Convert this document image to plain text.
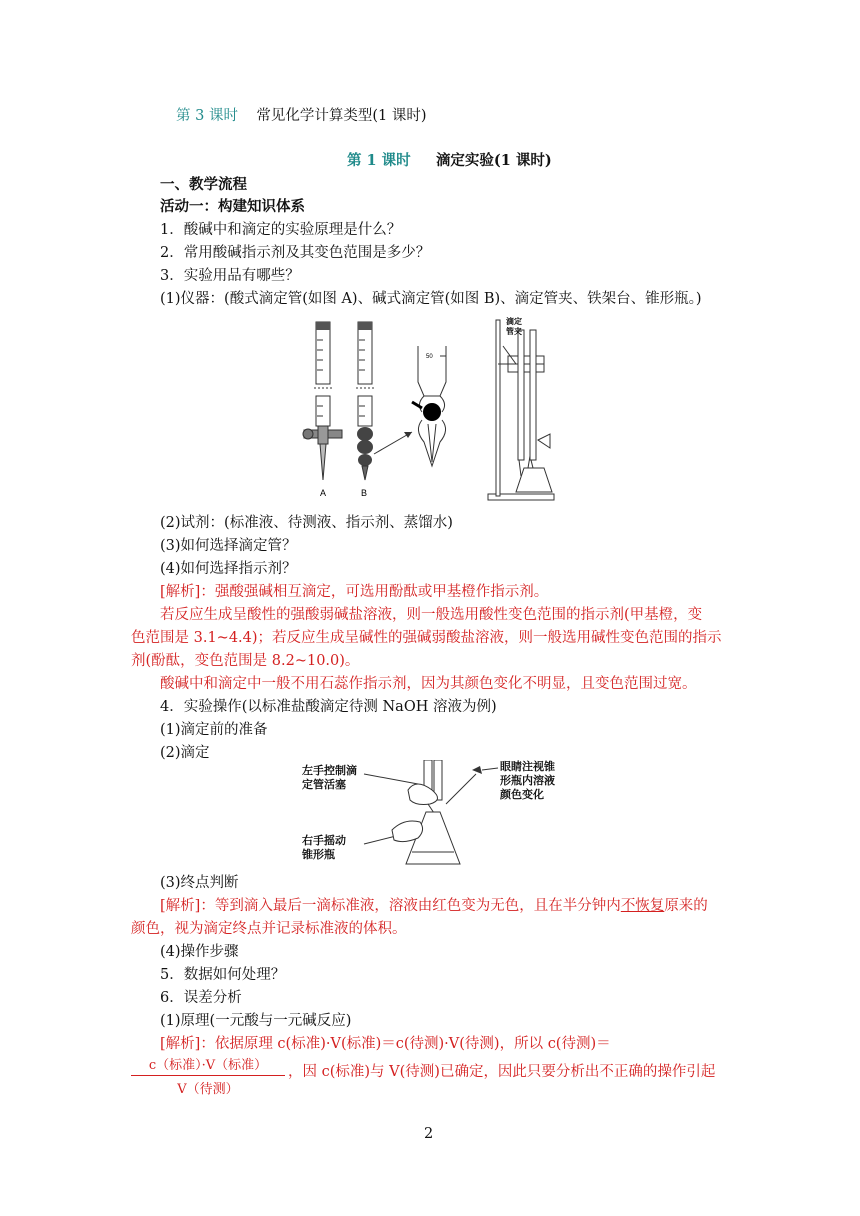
第 3 课时 常见化学计算类型(1 课时)
第 1 课时 滴定实验(1 课时)
一、教学流程
活动一：构建知识体系
1．酸碱中和滴定的实验原理是什么？
2．常用酸碱指示剂及其变色范围是多少？
3．实验用品有哪些？
(1)仪器：(酸式滴定管(如图 A)、碱式滴定管(如图 B)、滴定管夹、铁架台、锥形瓶。)
A	B
50
滴定
管夹
(2)试剂：(标准液、待测液、指示剂、蒸馏水)
(3)如何选择滴定管？
(4)如何选择指示剂？
[解析]：强酸强碱相互滴定，可选用酚酞或甲基橙作指示剂。
若反应生成呈酸性的强酸弱碱盐溶液，则一般选用酸性变色范围的指示剂(甲基橙，变
色范围是 3.1~4.4)；若反应生成呈碱性的强碱弱酸盐溶液，则一般选用碱性变色范围的指示
剂(酚酞，变色范围是 8.2~10.0)。
酸碱中和滴定中一般不用石蕊作指示剂，因为其颜色变化不明显，且变色范围过宽。
4．实验操作(以标准盐酸滴定待测 NaOH 溶液为例)
(1)滴定前的准备
(2)滴定
左手控制滴
定管活塞
右手摇动
锥形瓶
眼睛注视锥
形瓶内溶液
颜色变化
(3)终点判断
[解析]：等到滴入最后一滴标准液，溶液由红色变为无色，且在半分钟内不恢复原来的
颜色，视为滴定终点并记录标准液的体积。
(4)操作步骤
5．数据如何处理？
6．误差分析
(1)原理(一元酸与一元碱反应)
[解析]：依据原理 c(标准)·V(标准)＝c(待测)·V(待测)，所以 c(待测)＝
c（标准）·V（标准）
V（待测）
，因 c(标准)与 V(待测)已确定，因此只要分析出不正确的操作引起
2
